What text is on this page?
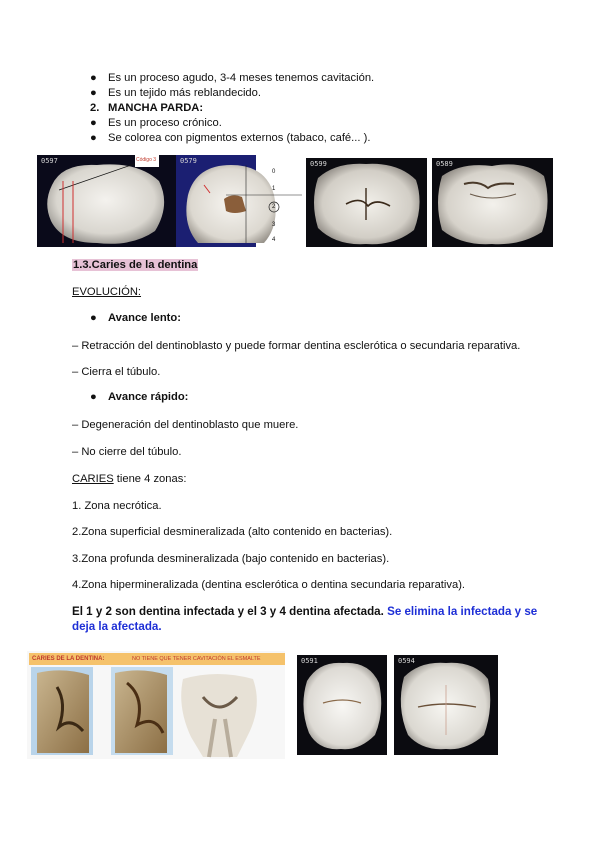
● Es un proceso agudo, 3-4 meses tenemos cavitación.
● Es un tejido más reblandecido.
2. MANCHA PARDA:
● Es un proceso crónico.
● Se colorea con pigmentos externos (tabaco, café... ).
0597	Código 3	0579
0
1
2
3
4
0599	0589
1.3.Caries de la dentina
EVOLUCIÓN:
● Avance lento:
– Retracción del dentinoblasto y puede formar dentina esclerótica o secundaria reparativa.
– Cierra el túbulo.
● Avance rápido:
– Degeneración del dentinoblasto que muere.
– No cierre del túbulo.
CARIES tiene 4 zonas:
1. Zona necrótica.
2.Zona superficial desmineralizada (alto contenido en bacterias).
3.Zona profunda desmineralizada (bajo contenido en bacterias).
4.Zona hipermineralizada (dentina esclerótica o dentina secundaria reparativa).
El 1 y 2 son dentina infectada y el 3 y 4 dentina afectada. Se elimina la infectada y se
deja la afectada.
CARIES DE LA DENTINA:	NO TIENE QUE TENER CAVITACIÓN EL ESMALTE	0591	0594
